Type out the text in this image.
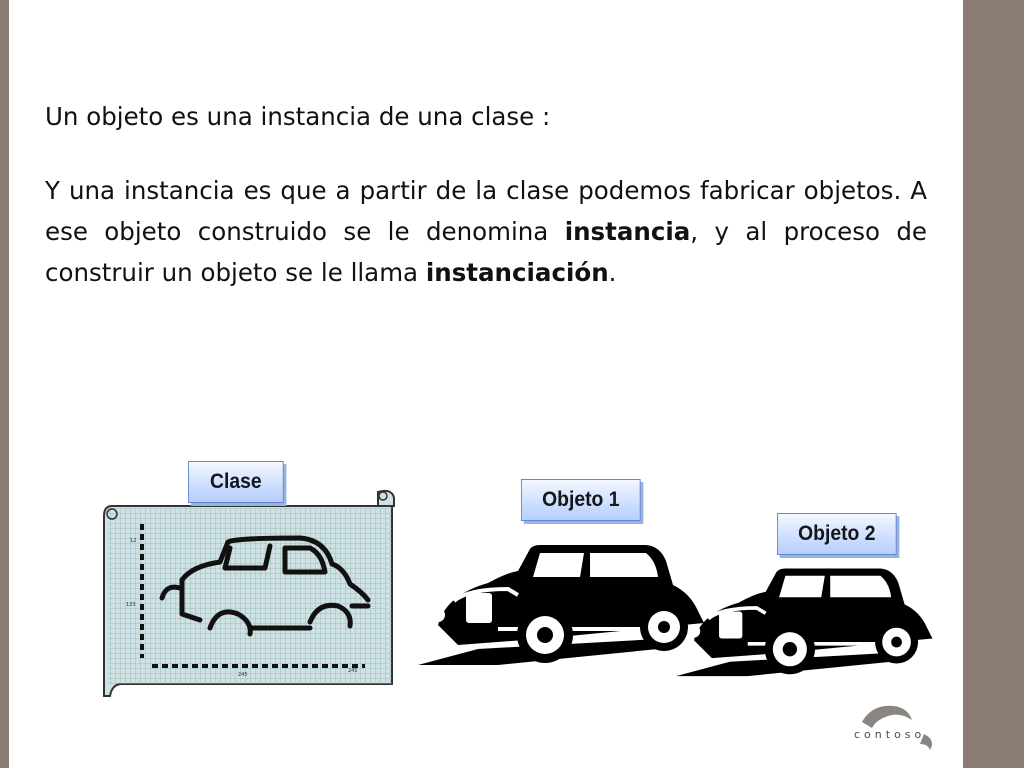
Un objeto es una instancia de una clase :

Y una instancia es que a partir de la clase podemos fabricar objetos. A ese objeto construido se le denomina instancia, y al proceso de construir un objeto se le llama instanciación.

12
133
245
245
Clase
Objeto 1
Objeto 2
contoso
